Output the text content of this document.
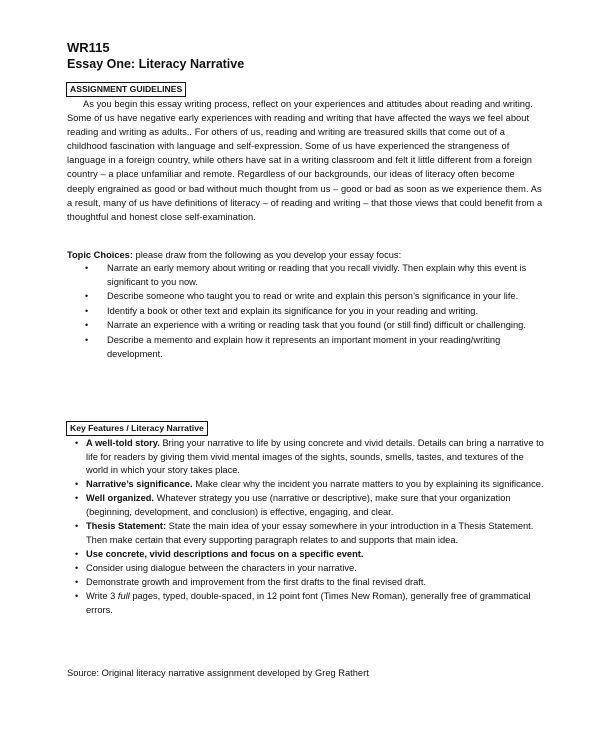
WR115
Essay One: Literacy Narrative
ASSIGNMENT GUIDELINES

As you begin this essay writing process, reflect on your experiences and attitudes about reading and writing. Some of us have negative early experiences with reading and writing that have affected the ways we feel about reading and writing as adults.. For others of us, reading and writing are treasured skills that come out of a childhood fascination with language and self-expression. Some of us have experienced the strangeness of language in a foreign country, while others have sat in a writing classroom and felt it little different from a foreign country – a place unfamiliar and remote. Regardless of our backgrounds, our ideas of literacy often become deeply engrained as good or bad without much thought from us – good or bad as soon as we experience them. As a result, many of us have definitions of literacy – of reading and writing – that those views that could benefit from a thoughtful and honest close self-examination.

Topic Choices: please draw from the following as you develop your essay focus:
•	Narrate an early memory about writing or reading that you recall vividly. Then explain why this event is significant to you now.
•	Describe someone who taught you to read or write and explain this person’s significance in your life.
•	Identify a book or other text and explain its significance for you in your reading and writing.
•	Narrate an experience with a writing or reading task that you found (or still find) difficult or challenging.
•	Describe a memento and explain how it represents an important moment in your reading/writing development.
Key Features / Literacy Narrative
• A well-told story. Bring your narrative to life by using concrete and vivid details. Details can bring a narrative to life for readers by giving them vivid mental images of the sights, sounds, smells, tastes, and textures of the world in which your story takes place.
• Narrative’s significance. Make clear why the incident you narrate matters to you by explaining its significance.
• Well organized. Whatever strategy you use (narrative or descriptive), make sure that your organization (beginning, development, and conclusion) is effective, engaging, and clear.
• Thesis Statement: State the main idea of your essay somewhere in your introduction in a Thesis Statement. Then make certain that every supporting paragraph relates to and supports that main idea.
• Use concrete, vivid descriptions and focus on a specific event.
• Consider using dialogue between the characters in your narrative.
• Demonstrate growth and improvement from the first drafts to the final revised draft.
• Write 3 full pages, typed, double-spaced, in 12 point font (Times New Roman), generally free of grammatical errors.
Source: Original literacy narrative assignment developed by Greg Rathert
